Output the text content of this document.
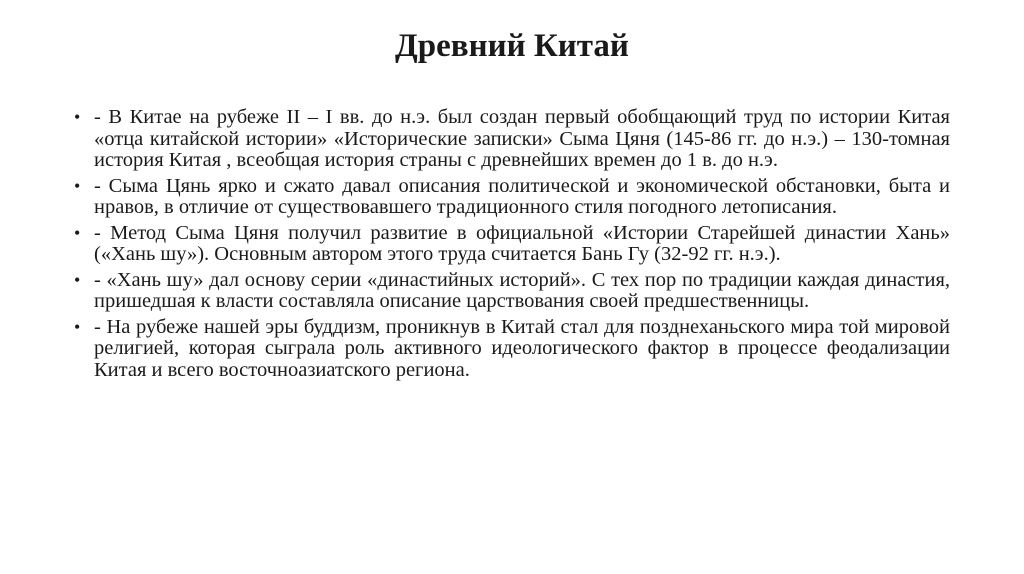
Древний Китай
• - В Китае на рубеже II – I вв. до н.э. был создан первый обобщающий труд по истории Китая «отца китайской истории» «Исторические записки» Сыма Цяня (145-86 гг. до н.э.) – 130-томная история Китая , всеобщая история страны с древнейших времен до 1 в. до н.э.
• - Сыма Цянь ярко и сжато давал описания политической и экономической обстановки, быта и нравов, в отличие от существовавшего традиционного стиля погодного летописания.
• - Метод Сыма Цяня получил развитие в официальной «Истории Старейшей династии Хань» («Хань шу»). Основным автором этого труда считается Бань Гу (32-92 гг. н.э.).
• - «Хань шу» дал основу серии «династийных историй». С тех пор по традиции каждая династия, пришедшая к власти составляла описание царствования своей предшественницы.
• - На рубеже нашей эры буддизм, проникнув в Китай стал для позднеханьского мира той мировой религией, которая сыграла роль активного идеологического фактор в процессе феодализации Китая и всего восточноазиатского региона.
